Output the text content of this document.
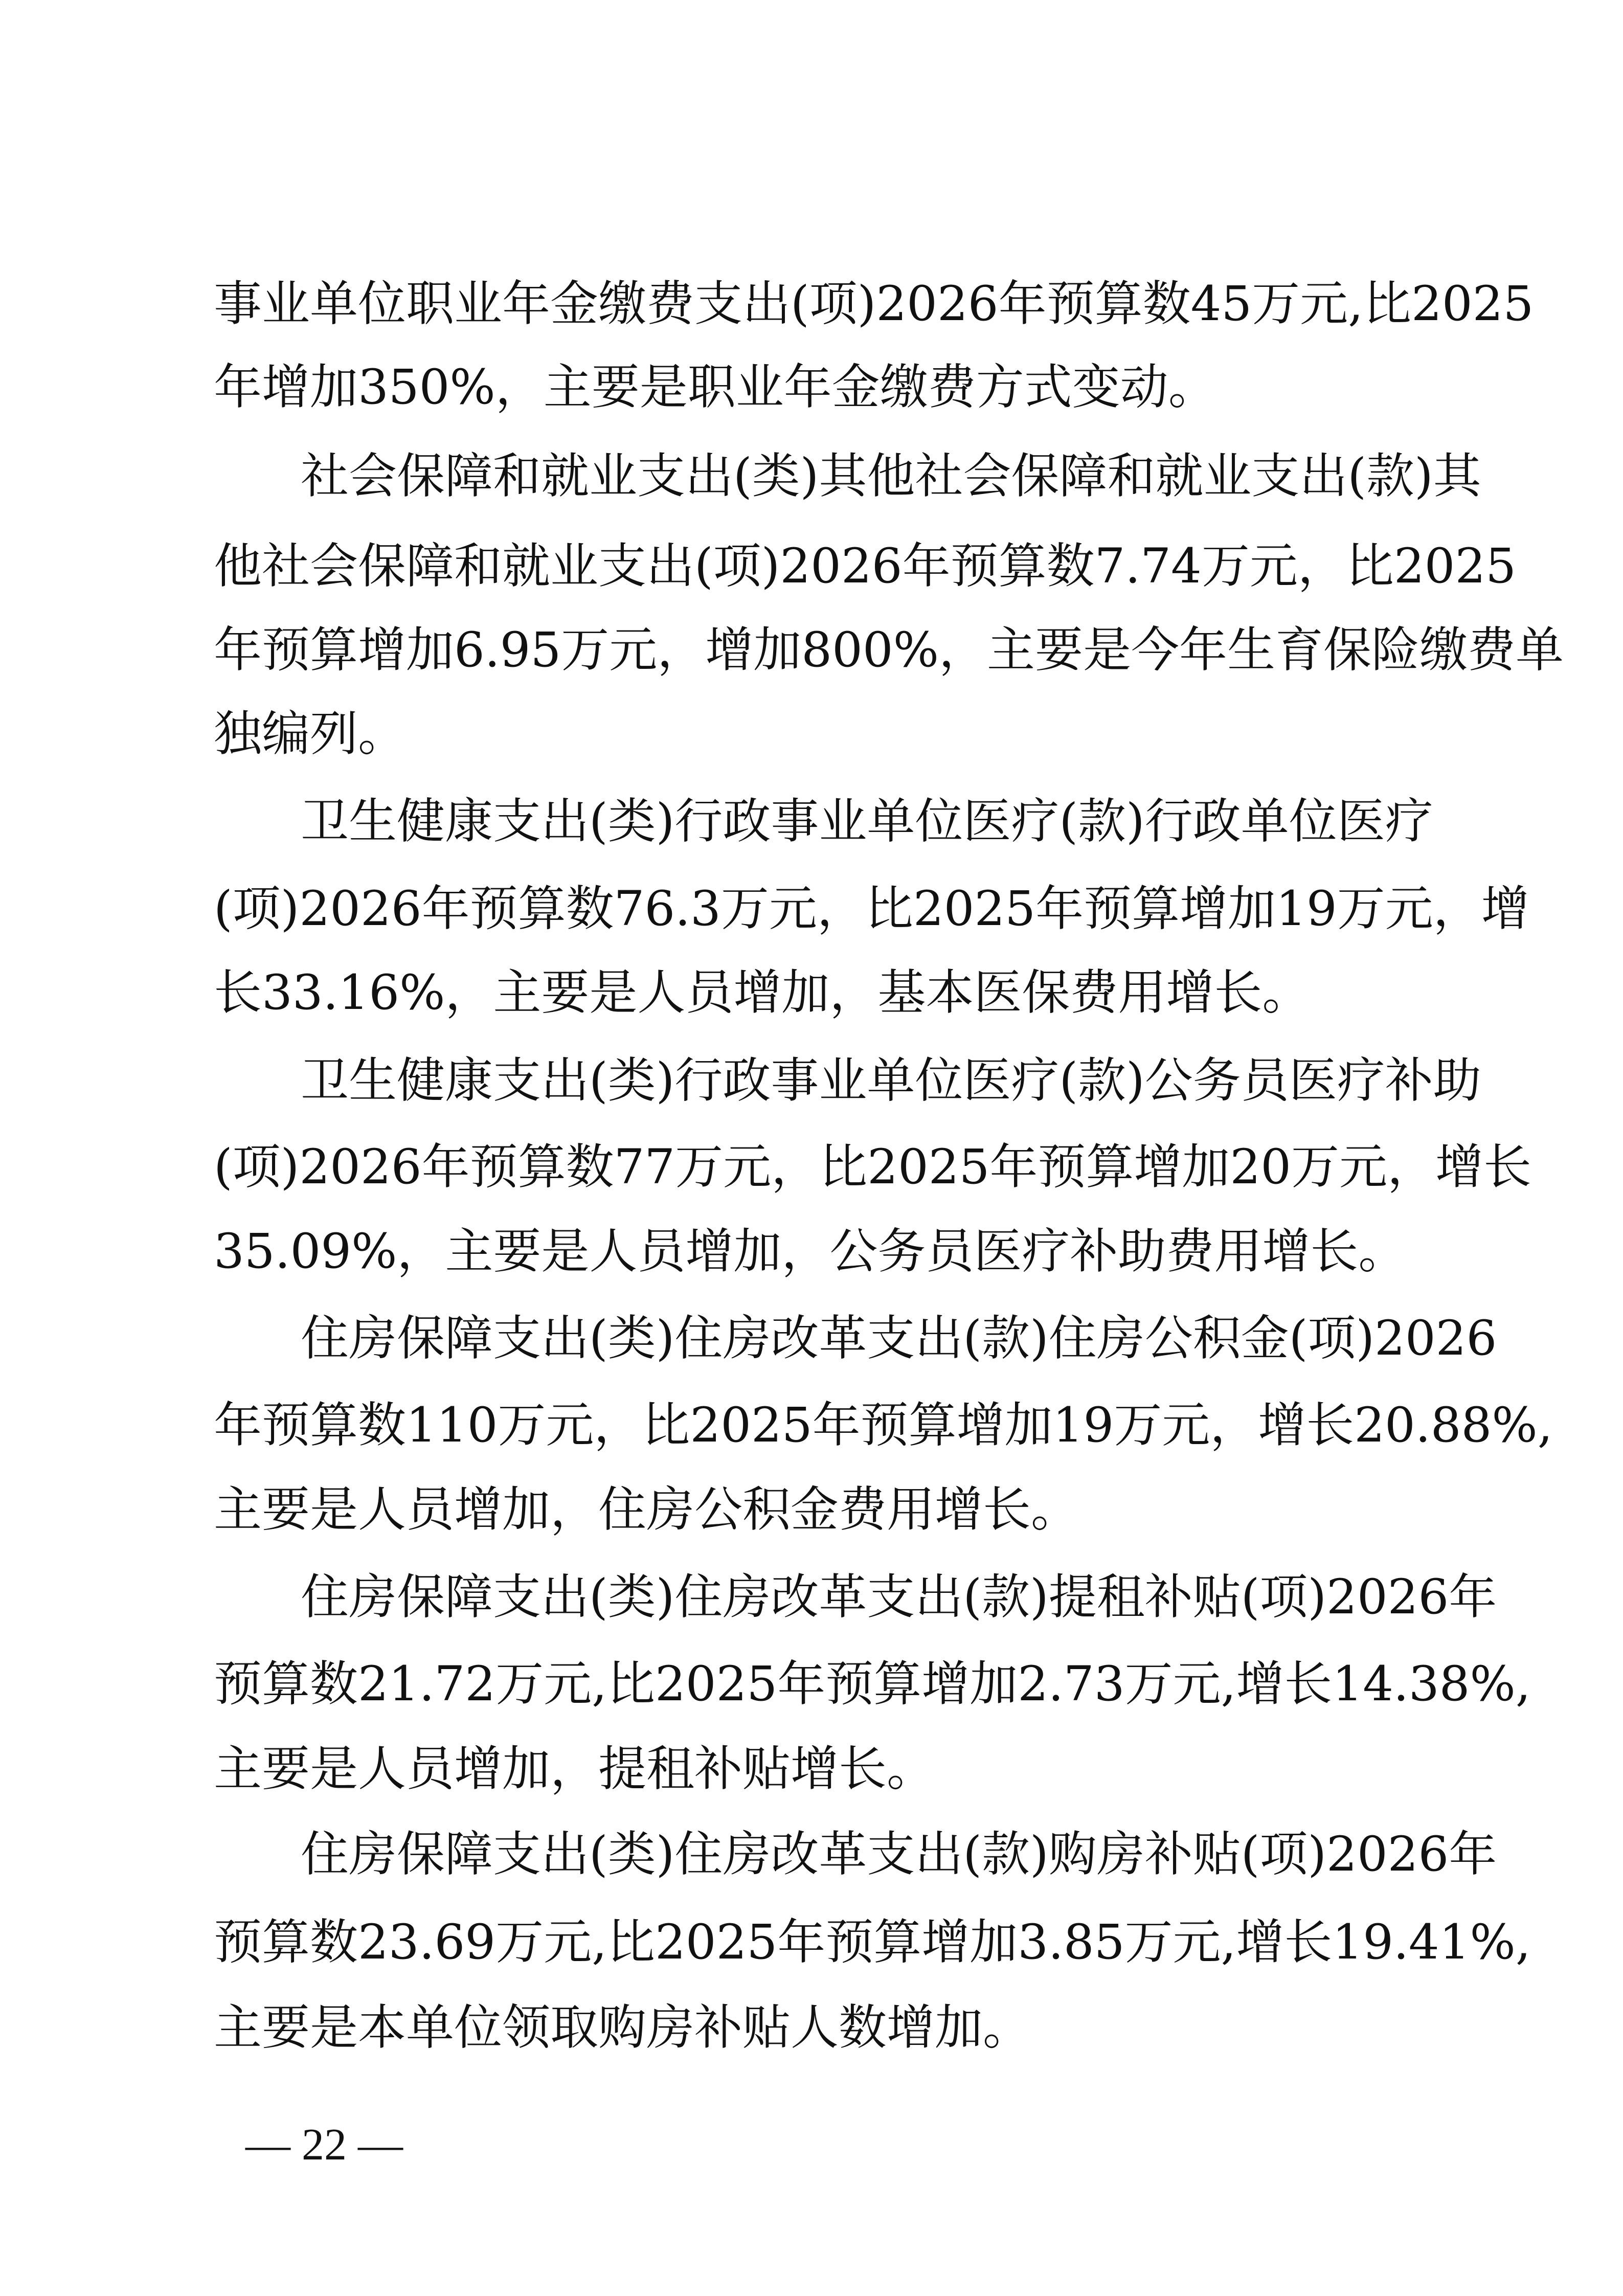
事业单位职业年金缴费支出(项)2026年预算数45万元,比2025
年增加350%，主要是职业年金缴费方式变动。
社会保障和就业支出(类)其他社会保障和就业支出(款)其
他社会保障和就业支出(项)2026年预算数7.74万元，比2025
年预算增加6.95万元，增加800%，主要是今年生育保险缴费单
独编列。
卫生健康支出(类)行政事业单位医疗(款)行政单位医疗
(项)2026年预算数76.3万元，比2025年预算增加19万元，增
长33.16%，主要是人员增加，基本医保费用增长。
卫生健康支出(类)行政事业单位医疗(款)公务员医疗补助
(项)2026年预算数77万元，比2025年预算增加20万元，增长
35.09%，主要是人员增加，公务员医疗补助费用增长。
住房保障支出(类)住房改革支出(款)住房公积金(项)2026
年预算数110万元，比2025年预算增加19万元，增长20.88%,
主要是人员增加，住房公积金费用增长。
住房保障支出(类)住房改革支出(款)提租补贴(项)2026年
预算数21.72万元,比2025年预算增加2.73万元,增长14.38%,
主要是人员增加，提租补贴增长。
住房保障支出(类)住房改革支出(款)购房补贴(项)2026年
预算数23.69万元,比2025年预算增加3.85万元,增长19.41%,
主要是本单位领取购房补贴人数增加。
— 22 —
